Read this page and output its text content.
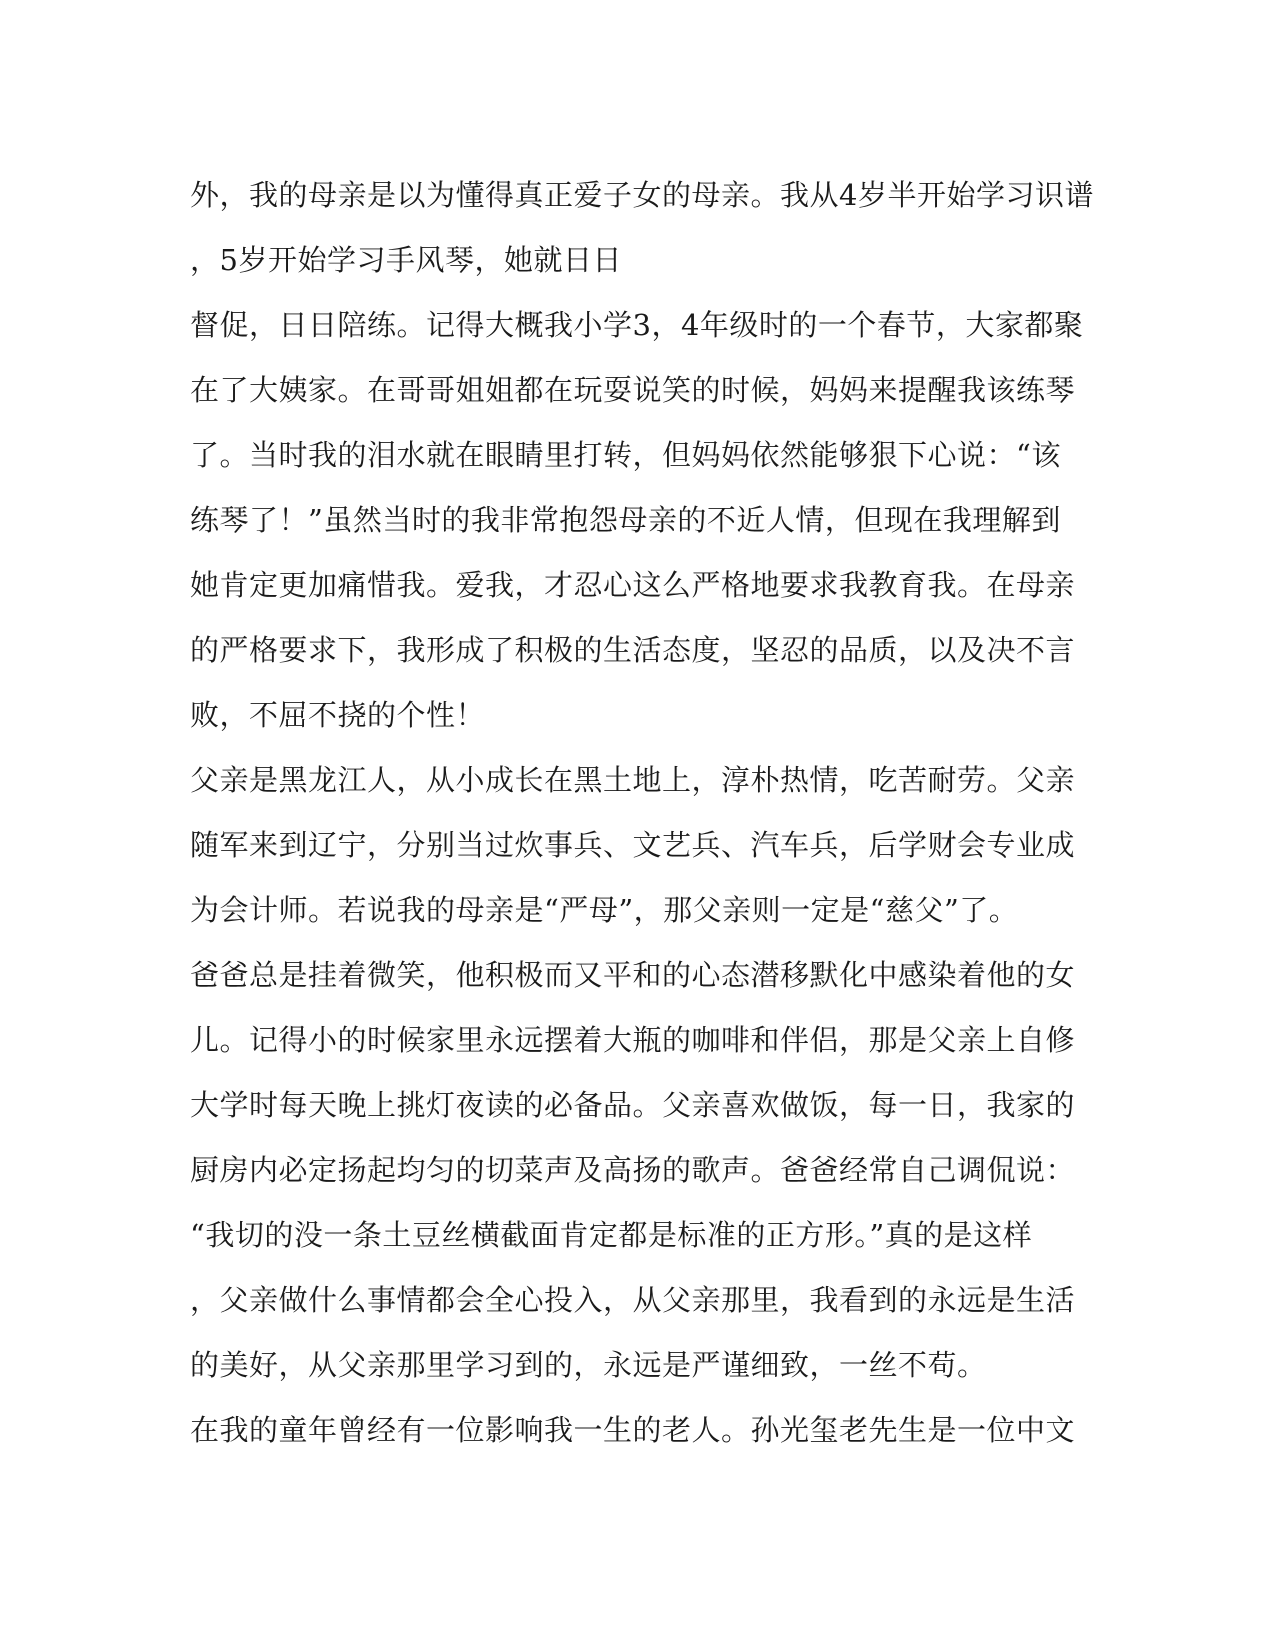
外，我的母亲是以为懂得真正爱子女的母亲。我从4岁半开始学习识谱
，5岁开始学习手风琴，她就日日
督促，日日陪练。记得大概我小学3，4年级时的一个春节，大家都聚
在了大姨家。在哥哥姐姐都在玩耍说笑的时候，妈妈来提醒我该练琴
了。当时我的泪水就在眼睛里打转，但妈妈依然能够狠下心说：“该
练琴了！”虽然当时的我非常抱怨母亲的不近人情，但现在我理解到
她肯定更加痛惜我。爱我，才忍心这么严格地要求我教育我。在母亲
的严格要求下，我形成了积极的生活态度，坚忍的品质，以及决不言
败，不屈不挠的个性！
父亲是黑龙江人，从小成长在黑土地上，淳朴热情，吃苦耐劳。父亲
随军来到辽宁，分别当过炊事兵、文艺兵、汽车兵，后学财会专业成
为会计师。若说我的母亲是“严母”，那父亲则一定是“慈父”了。
爸爸总是挂着微笑，他积极而又平和的心态潜移默化中感染着他的女
儿。记得小的时候家里永远摆着大瓶的咖啡和伴侣，那是父亲上自修
大学时每天晚上挑灯夜读的必备品。父亲喜欢做饭，每一日，我家的
厨房内必定扬起均匀的切菜声及高扬的歌声。爸爸经常自己调侃说：
“我切的没一条土豆丝横截面肯定都是标准的正方形。”真的是这样
，父亲做什么事情都会全心投入，从父亲那里，我看到的永远是生活
的美好，从父亲那里学习到的，永远是严谨细致，一丝不苟。
在我的童年曾经有一位影响我一生的老人。孙光玺老先生是一位中文
